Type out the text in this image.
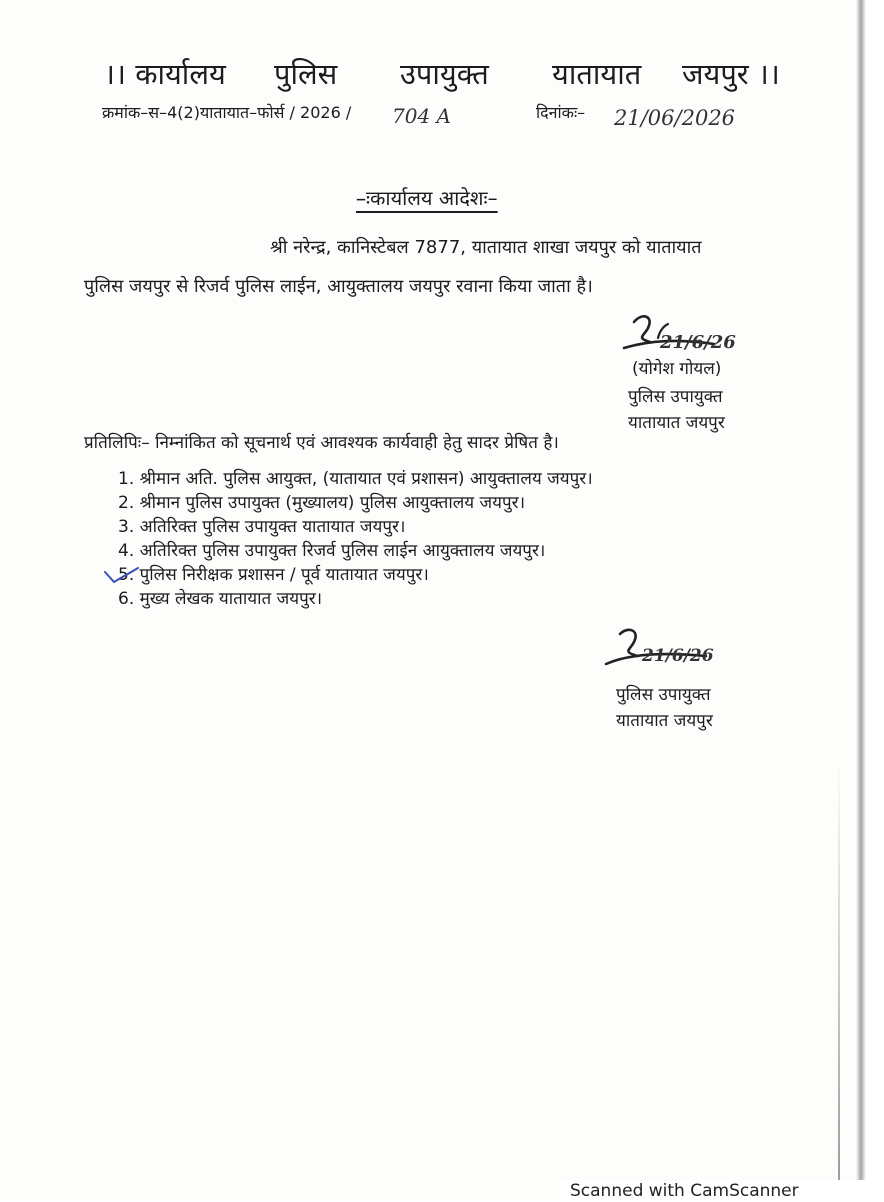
।। कार्यालय पुलिस उपायुक्त यातायात जयपुर ।।
क्रमांक–स–4(2)यातायात–फोर्स / 2026 / 704 A	दिनांकः– 21/06/2026
–ःकार्यालय आदेशः–
श्री नरेन्द्र, कानिस्टेबल 7877, यातायात शाखा जयपुर को यातायात
पुलिस जयपुर से रिजर्व पुलिस लाईन, आयुक्तालय जयपुर रवाना किया जाता है।
21/6/26
(योगेश गोयल)
पुलिस उपायुक्त
यातायात जयपुर
प्रतिलिपिः– निम्नांकित को सूचनार्थ एवं आवश्यक कार्यवाही हेतु सादर प्रेषित है।
1. श्रीमान अति. पुलिस आयुक्त, (यातायात एवं प्रशासन) आयुक्तालय जयपुर।
2. श्रीमान पुलिस उपायुक्त (मुख्यालय) पुलिस आयुक्तालय जयपुर।
3. अतिरिक्त पुलिस उपायुक्त यातायात जयपुर।
4. अतिरिक्त पुलिस उपायुक्त रिजर्व पुलिस लाईन आयुक्तालय जयपुर।
5. पुलिस निरीक्षक प्रशासन / पूर्व यातायात जयपुर।
6. मुख्य लेखक यातायात जयपुर।
21/6/26
पुलिस उपायुक्त
यातायात जयपुर
Scanned with CamScanner
